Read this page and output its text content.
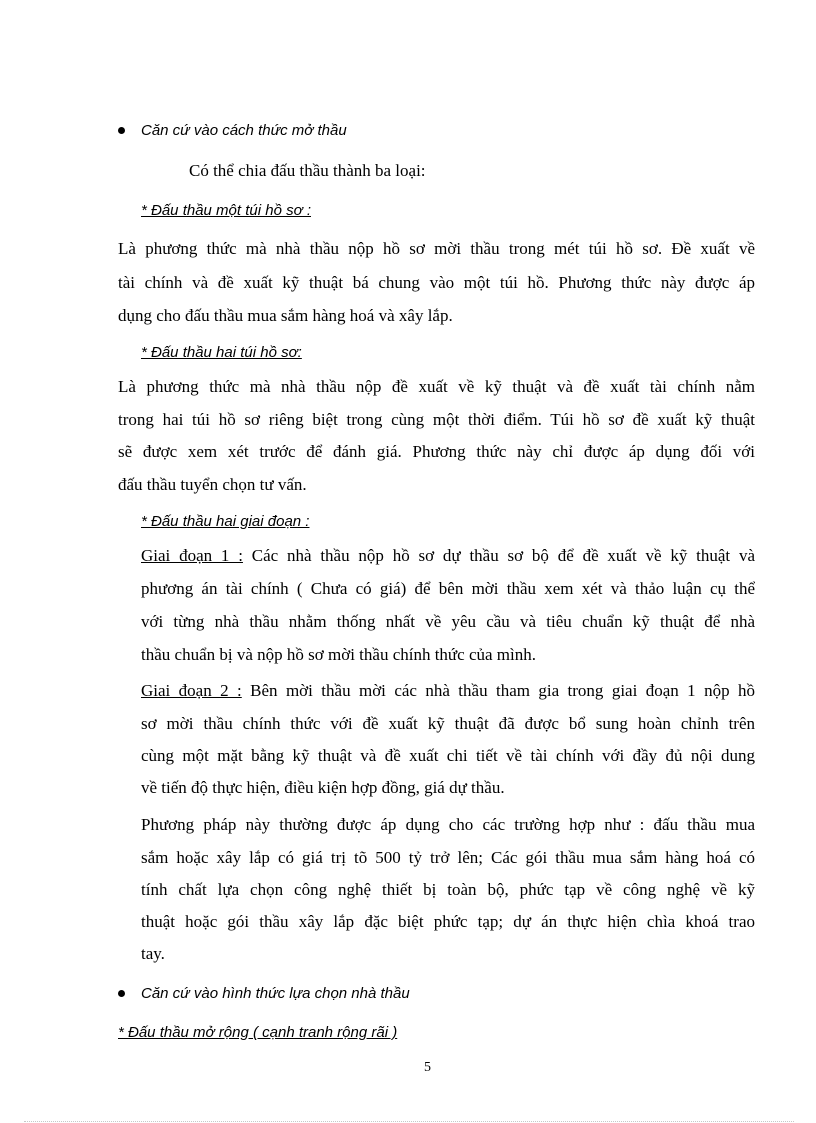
Căn cứ vào cách thức mở thầu
Có thể chia đấu thầu thành ba loại:
* Đấu thầu một túi hồ sơ :
Là phương thức mà nhà thầu nộp hồ sơ mời thầu trong mét túi hồ sơ. Đề xuất về
tài chính và đề xuất kỹ thuật bá chung vào một túi hồ. Phương thức này được áp
dụng cho đấu thầu mua sắm hàng hoá và xây lắp.
* Đấu thầu hai túi hồ sơ:
Là phương thức mà nhà thầu nộp đề xuất về kỹ thuật và đề xuất tài chính nằm
trong hai túi hồ sơ riêng biệt trong cùng một thời điểm. Túi hồ sơ đề xuất kỹ thuật
sẽ được xem xét trước để đánh giá. Phương thức này chỉ được áp dụng đối với
đấu thầu tuyển chọn tư vấn.
* Đấu thầu hai giai đoạn :
Giai đoạn 1 : Các nhà thầu nộp hồ sơ dự thầu sơ bộ để đề xuất về kỹ thuật và
phương án tài chính ( Chưa có giá) để bên mời thầu xem xét và thảo luận cụ thể
với từng nhà thầu nhằm thống nhất về yêu cầu và tiêu chuẩn kỹ thuật để nhà
thầu chuẩn bị và nộp hồ sơ mời thầu chính thức của mình.
Giai đoạn 2 : Bên mời thầu mời các nhà thầu tham gia trong giai đoạn 1 nộp hồ
sơ mời thầu chính thức với đề xuất kỹ thuật đã được bổ sung hoàn chỉnh trên
cùng một mặt bằng kỹ thuật và đề xuất chi tiết về tài chính với đầy đủ nội dung
về tiến độ thực hiện, điều kiện hợp đồng, giá dự thầu.
Phương pháp này thường được áp dụng cho các trường hợp như : đấu thầu mua
sắm hoặc xây lắp có giá trị tõ 500 tỷ trở lên; Các gói thầu mua sắm hàng hoá có
tính chất lựa chọn công nghệ thiết bị toàn bộ, phức tạp về công nghệ về kỹ
thuật hoặc gói thầu xây lắp đặc biệt phức tạp; dự án thực hiện chìa khoá trao
tay.
Căn cứ vào hình thức lựa chọn nhà thầu
* Đấu thầu mở rộng ( cạnh tranh rộng rãi )
5
